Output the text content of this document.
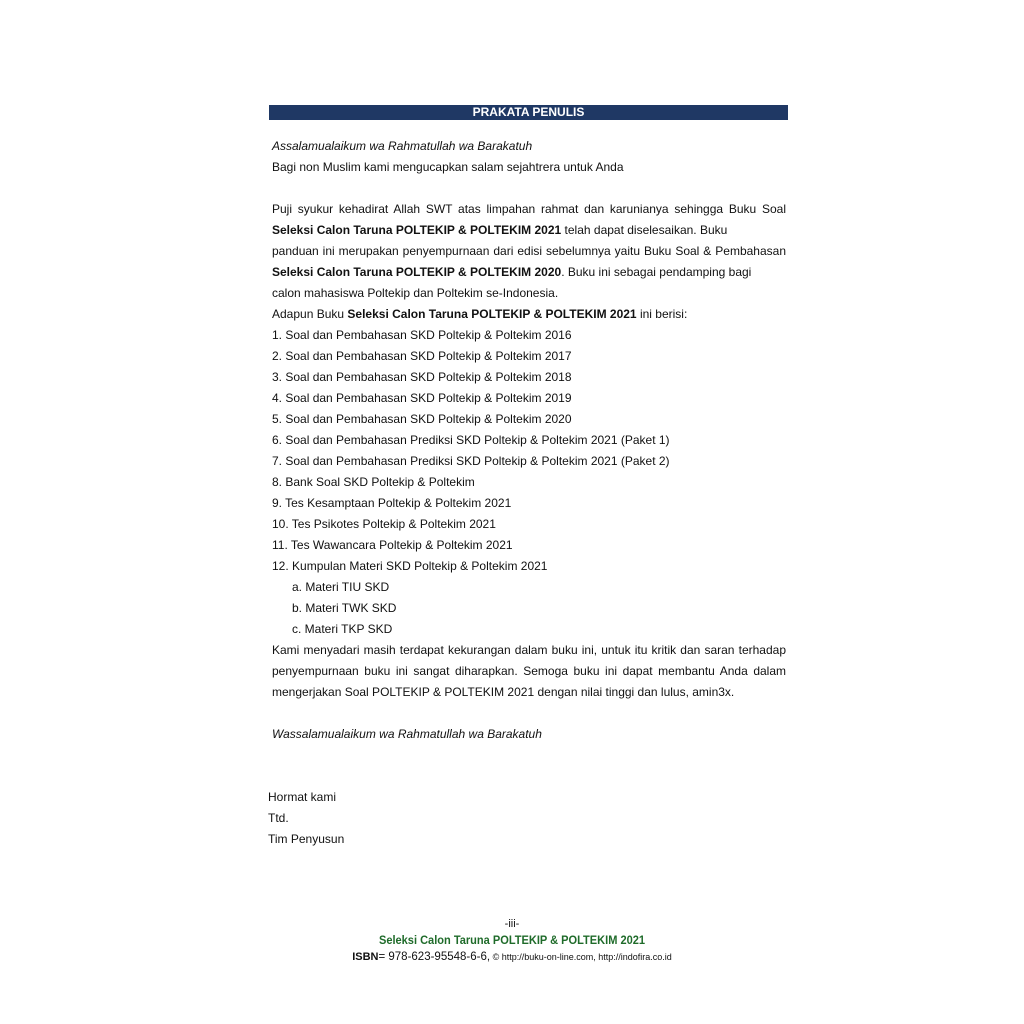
PRAKATA PENULIS
Assalamualaikum wa Rahmatullah wa Barakatuh
Bagi non Muslim kami mengucapkan salam sejahtrera untuk Anda
Puji syukur kehadirat Allah SWT atas limpahan rahmat dan karunianya sehingga Buku Soal
Seleksi Calon Taruna POLTEKIP & POLTEKIM 2021 telah dapat diselesaikan. Buku
panduan ini merupakan penyempurnaan dari edisi sebelumnya yaitu Buku Soal & Pembahasan
Seleksi Calon Taruna POLTEKIP & POLTEKIM 2020. Buku ini sebagai pendamping bagi
calon mahasiswa Poltekip dan Poltekim se-Indonesia.
Adapun Buku Seleksi Calon Taruna POLTEKIP & POLTEKIM 2021 ini berisi:
1. Soal dan Pembahasan SKD Poltekip & Poltekim 2016
2. Soal dan Pembahasan SKD Poltekip & Poltekim 2017
3. Soal dan Pembahasan SKD Poltekip & Poltekim 2018
4. Soal dan Pembahasan SKD Poltekip & Poltekim 2019
5. Soal dan Pembahasan SKD Poltekip & Poltekim 2020
6. Soal dan Pembahasan Prediksi SKD Poltekip & Poltekim 2021 (Paket 1)
7. Soal dan Pembahasan Prediksi SKD Poltekip & Poltekim 2021 (Paket 2)
8. Bank Soal SKD Poltekip & Poltekim
9. Tes Kesamptaan Poltekip & Poltekim 2021
10. Tes Psikotes Poltekip & Poltekim 2021
11. Tes Wawancara Poltekip & Poltekim 2021
12. Kumpulan Materi SKD Poltekip & Poltekim 2021
a. Materi TIU SKD
b. Materi TWK SKD
c. Materi TKP SKD
Kami menyadari masih terdapat kekurangan dalam buku ini, untuk itu kritik dan saran terhadap
penyempurnaan buku ini sangat diharapkan. Semoga buku ini dapat membantu Anda dalam
mengerjakan Soal POLTEKIP & POLTEKIM 2021 dengan nilai tinggi dan lulus, amin3x.
Wassalamualaikum wa Rahmatullah wa Barakatuh
Hormat kami
Ttd.
Tim Penyusun
-iii-
Seleksi Calon Taruna POLTEKIP & POLTEKIM 2021
ISBN= 978-623-95548-6-6, © http://buku-on-line.com, http://indofira.co.id
